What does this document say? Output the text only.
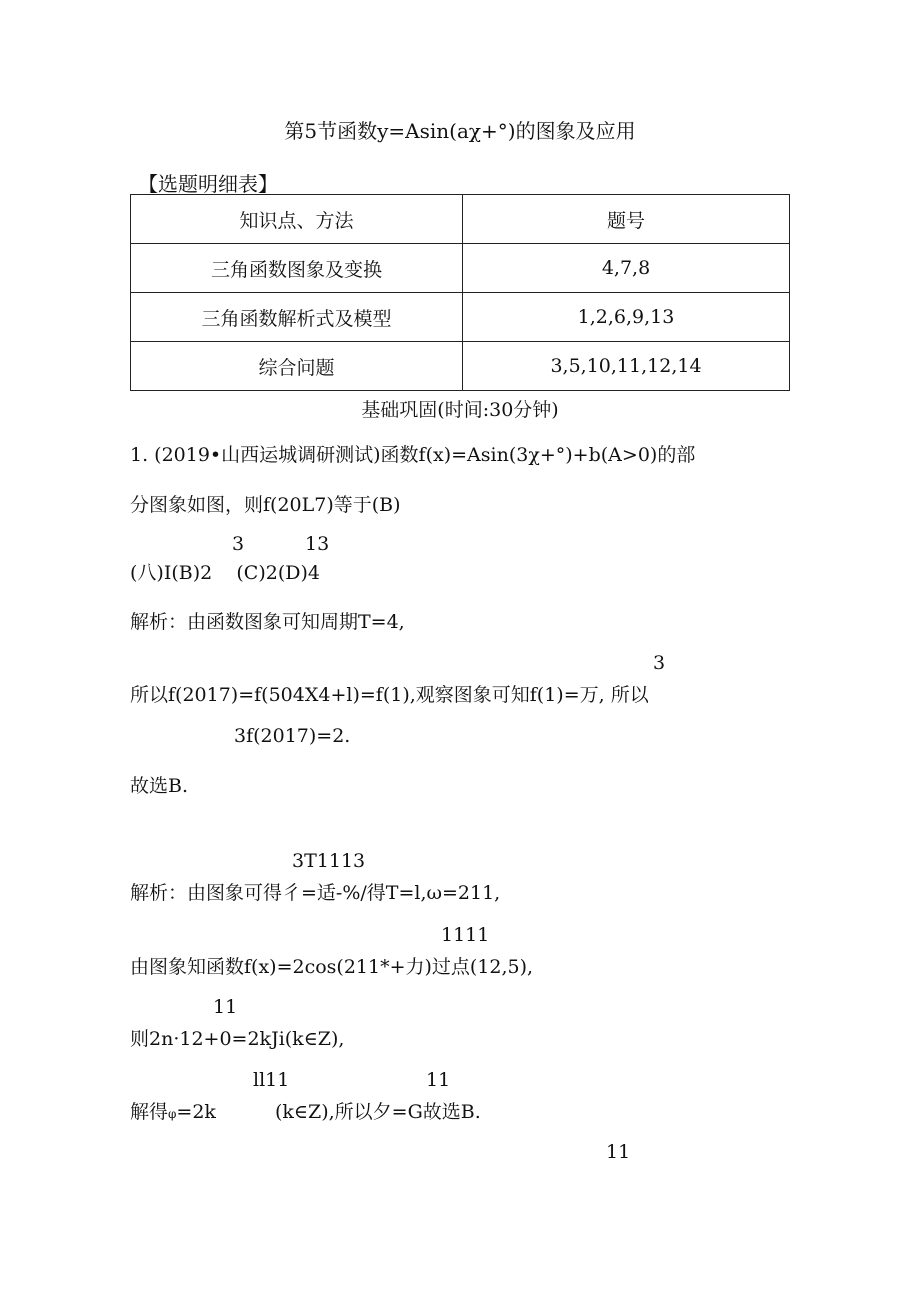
第5节函数y=Asin(aχ+°)的图象及应用
【选题明细表】
知识点、方法	题号
三角函数图象及变换	4,7,8
三角函数解析式及模型	1,2,6,9,13
综合问题	3,5,10,11,12,14
基础巩固(时间:30分钟)
1. (2019•山西运城调研测试)函数f(x)=Asin(3χ+°)+b(A>0)的部
分图象如图，则f(20L7)等于(B)
3	13
(八)I(B)2    (C)2(D)4
解析：由函数图象可知周期T=4,
3
所以f(2017)=f(504X4+l)=f(1),观察图象可知f(1)=万, 所以
3f(2017)=2.
故选B.
3T1113
解析：由图象可得彳=适-%/得T=l,ω=211,
1111
由图象知函数f(x)=2cos(211*+力)过点(12,5),
11
则2n·12+0=2kJi(k∈Z),
ll11	11
解得φ=2k	(k∈Z),所以夕=G故选B.
11
